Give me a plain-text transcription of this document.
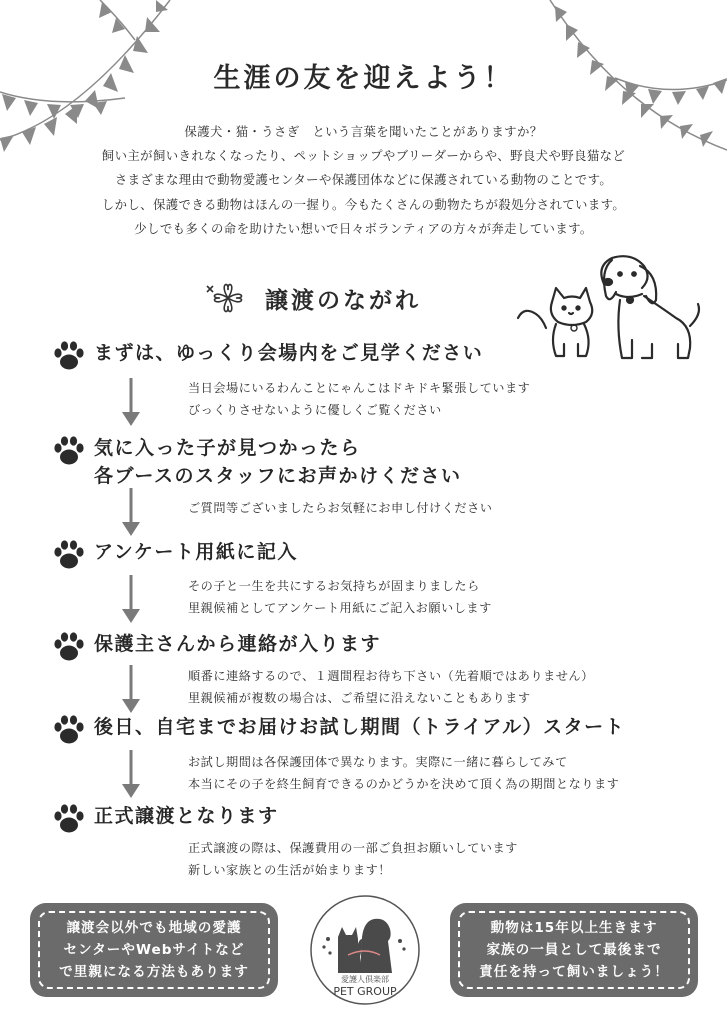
生涯の友を迎えよう！
保護犬・猫・うさぎ　という言葉を聞いたことがありますか？
飼い主が飼いきれなくなったり、ペットショップやブリーダーからや、野良犬や野良猫など
さまざまな理由で動物愛護センターや保護団体などに保護されている動物のことです。
しかし、保護できる動物はほんの一握り。今もたくさんの動物たちが殺処分されています。
少しでも多くの命を助けたい想いで日々ボランティアの方々が奔走しています。
譲渡のながれ
まずは、ゆっくり会場内をご見学ください
当日会場にいるわんことにゃんこはドキドキ緊張しています
びっくりさせないように優しくご覧ください
気に入った子が見つかったら
各ブースのスタッフにお声かけください
ご質問等ございましたらお気軽にお申し付けください
アンケート用紙に記入
その子と一生を共にするお気持ちが固まりましたら
里親候補としてアンケート用紙にご記入お願いします
保護主さんから連絡が入ります
順番に連絡するので、１週間程お待ち下さい（先着順ではありません）
里親候補が複数の場合は、ご希望に沿えないこともあります
後日、自宅までお届けお試し期間（トライアル）スタート
お試し期間は各保護団体で異なります。実際に一緒に暮らしてみて
本当にその子を終生飼育できるのかどうかを決めて頂く為の期間となります
正式譲渡となります
正式譲渡の際は、保護費用の一部ご負担お願いしています
新しい家族との生活が始まります！
譲渡会以外でも地域の愛護
センターやWebサイトなど
で里親になる方法もあります	愛護人倶楽部
PET GROUP
動物は15年以上生きます
家族の一員として最後まで
責任を持って飼いましょう！
